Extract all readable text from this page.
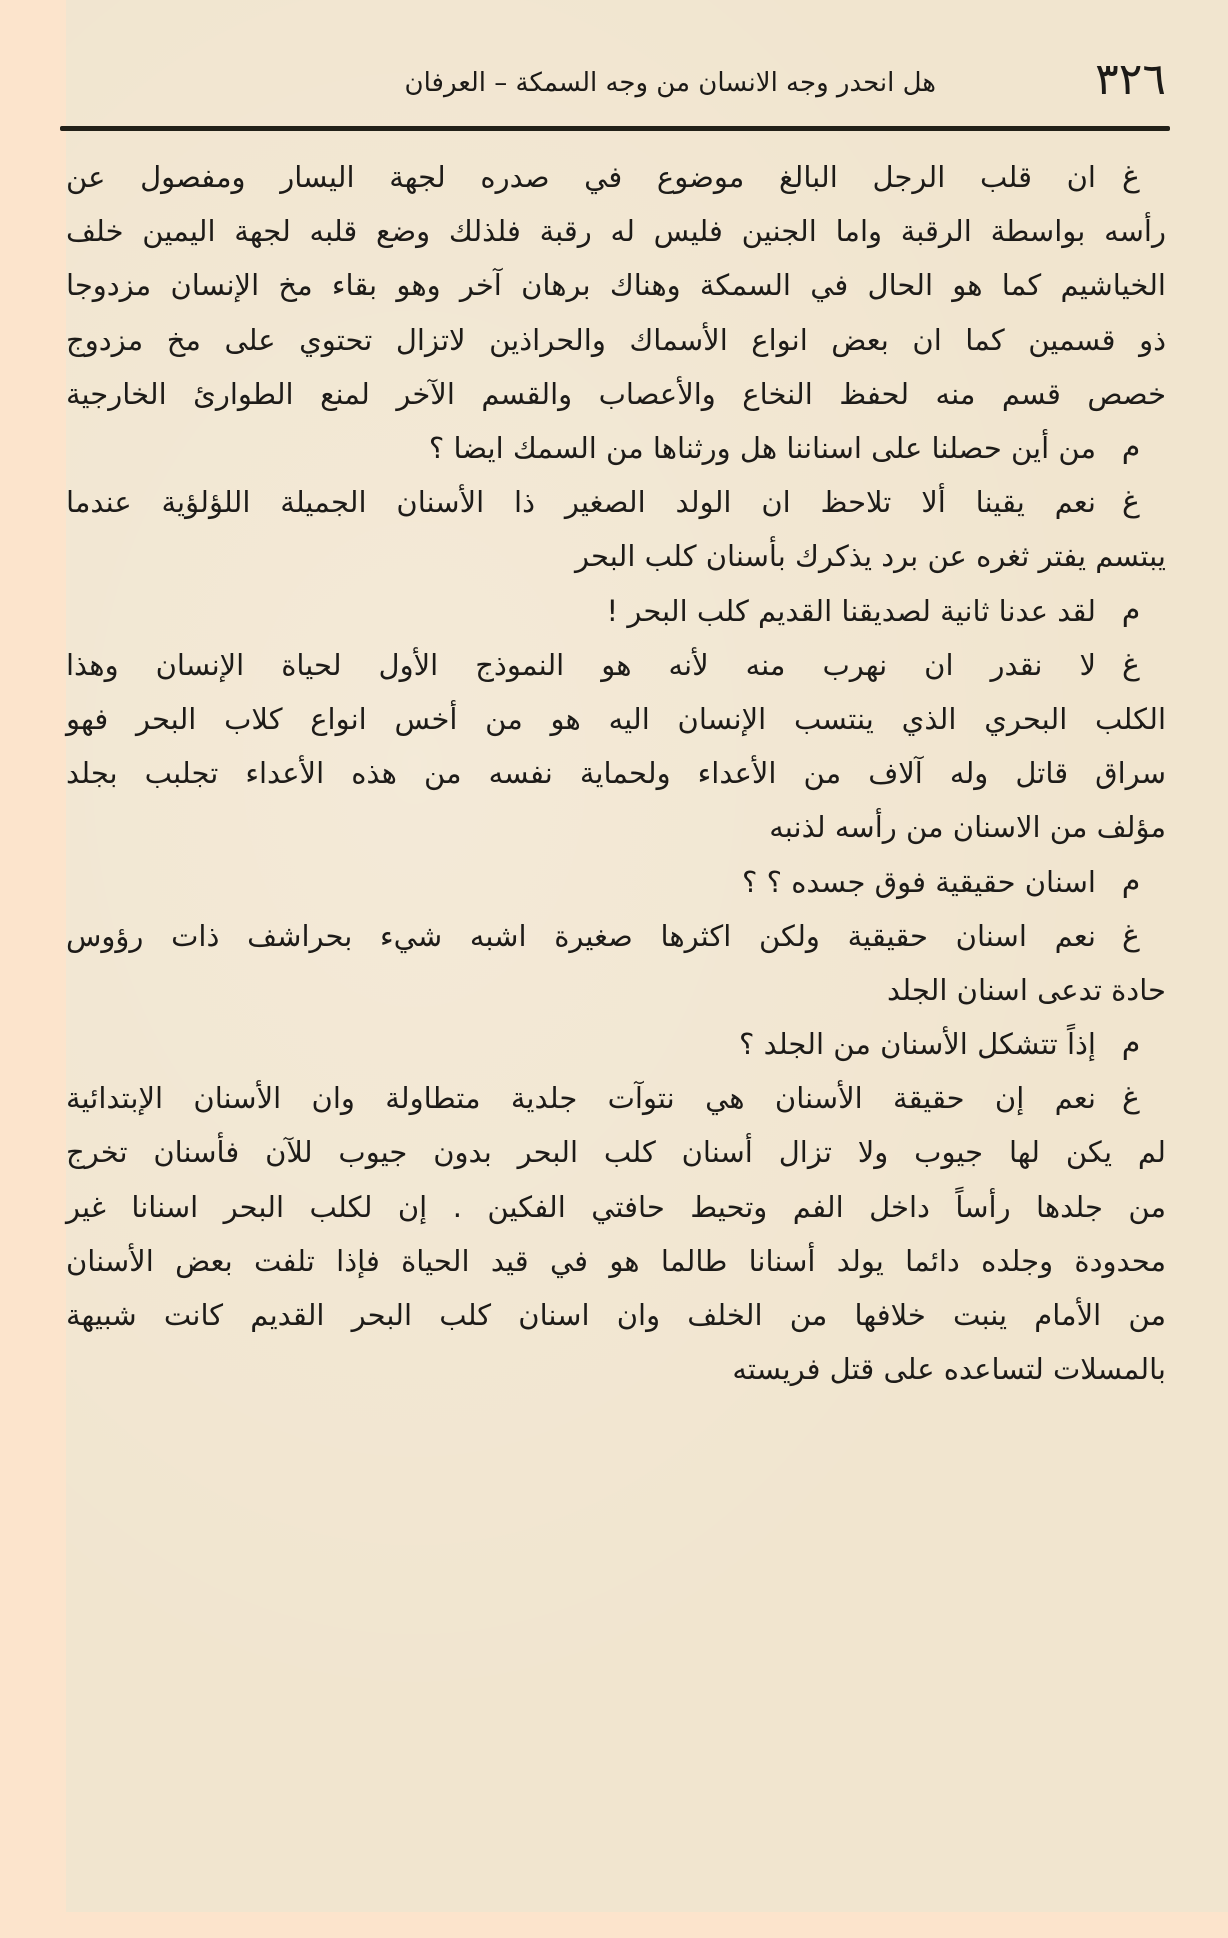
٣٢٦
هل انحدر وجه الانسان من وجه السمكة – العرفان
غ
ان قلب الرجل البالغ موضوع في صدره لجهة اليسار ومفصول عن
رأسه بواسطة الرقبة واما الجنين فليس له رقبة فلذلك وضع قلبه لجهة اليمين خلف
الخياشيم كما هو الحال في السمكة وهناك برهان آخر وهو بقاء مخ الإنسان مزدوجا
ذو قسمين كما ان بعض انواع الأسماك والحراذين لاتزال تحتوي على مخ مزدوج
خصص قسم منه لحفظ النخاع والأعصاب والقسم الآخر لمنع الطوارئ الخارجية
م
من أين حصلنا على اسناننا هل ورثناها من السمك ايضا ؟
غ
نعم يقينا ألا تلاحظ ان الولد الصغير ذا الأسنان الجميلة اللؤلؤية عندما
يبتسم يفتر ثغره عن برد يذكرك بأسنان كلب البحر
م
لقد عدنا ثانية لصديقنا القديم كلب البحر !
غ
لا نقدر ان نهرب منه لأنه هو النموذج الأول لحياة الإنسان وهذا
الكلب البحري الذي ينتسب الإنسان اليه هو من أخس انواع كلاب البحر فهو
سراق قاتل وله آلاف من الأعداء ولحماية نفسه من هذه الأعداء تجلبب بجلد
مؤلف من الاسنان من رأسه لذنبه
م
اسنان حقيقية فوق جسده ؟ ؟
غ
نعم اسنان حقيقية ولكن اكثرها صغيرة اشبه شيء بحراشف ذات رؤوس
حادة تدعى اسنان الجلد
م
إذاً تتشكل الأسنان من الجلد ؟
غ
نعم إن حقيقة الأسنان هي نتوآت جلدية متطاولة وان الأسنان الإبتدائية
لم يكن لها جيوب ولا تزال أسنان كلب البحر بدون جيوب للآن فأسنان تخرج
من جلدها رأساً داخل الفم وتحيط حافتي الفكين . إن لكلب البحر اسنانا غير
محدودة وجلده دائما يولد أسنانا طالما هو في قيد الحياة فإذا تلفت بعض الأسنان
من الأمام ينبت خلافها من الخلف وان اسنان كلب البحر القديم كانت شبيهة
بالمسلات لتساعده على قتل فريسته
